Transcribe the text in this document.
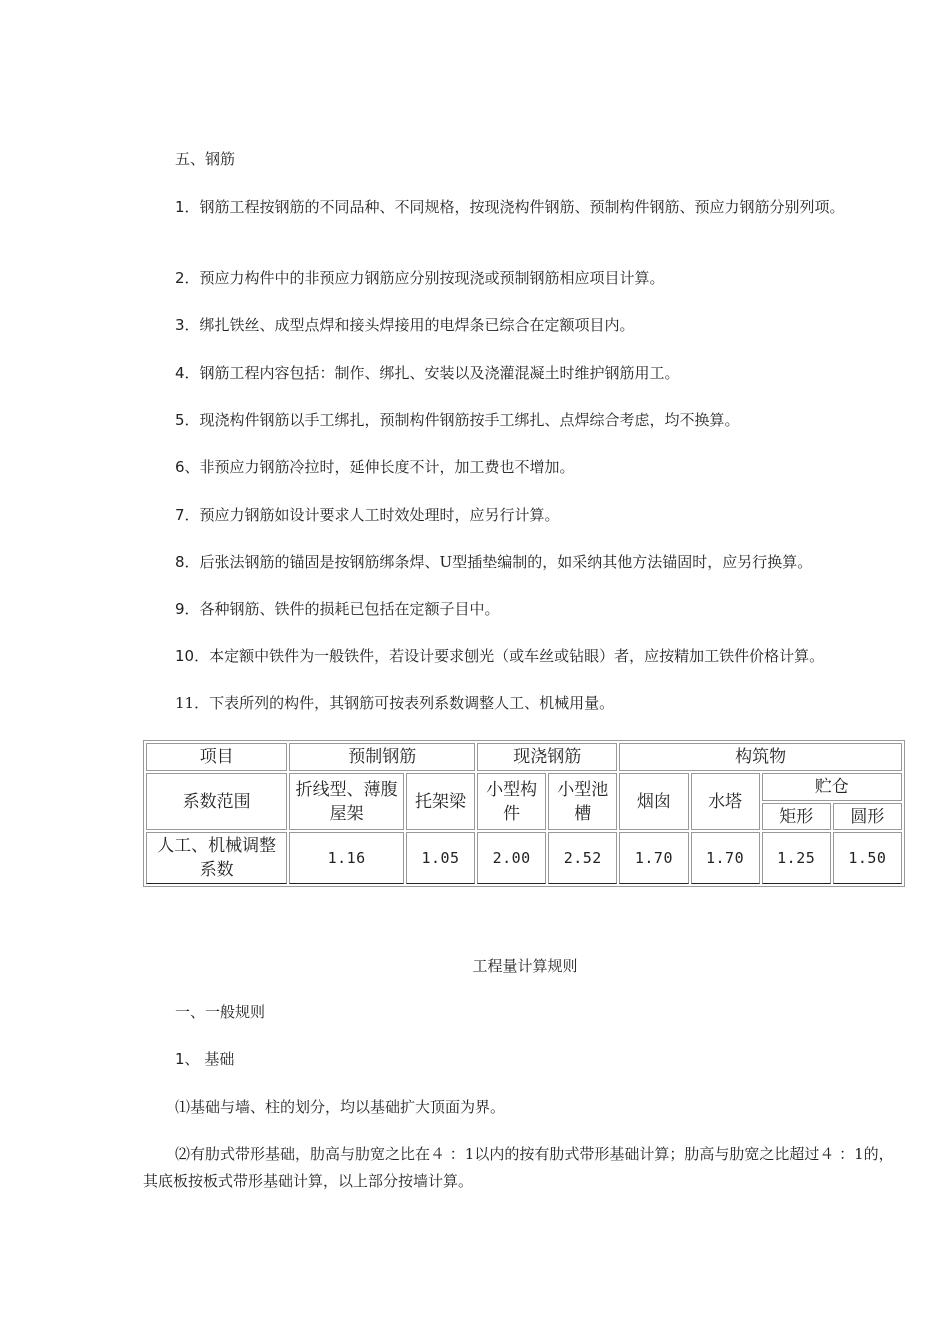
五、钢筋

1．钢筋工程按钢筋的不同品种、不同规格，按现浇构件钢筋、预制构件钢筋、预应力钢筋分别列项。

2．预应力构件中的非预应力钢筋应分别按现浇或预制钢筋相应项目计算。

3．绑扎铁丝、成型点焊和接头焊接用的电焊条已综合在定额项目内。

4．钢筋工程内容包括：制作、绑扎、安装以及浇灌混凝土时维护钢筋用工。

5．现浇构件钢筋以手工绑扎，预制构件钢筋按手工绑扎、点焊综合考虑，均不换算。

6、非预应力钢筋冷拉时，延伸长度不计，加工费也不增加。

7．预应力钢筋如设计要求人工时效处理时，应另行计算。

8．后张法钢筋的锚固是按钢筋绑条焊、U型插垫编制的，如采纳其他方法锚固时，应另行换算。

9．各种钢筋、铁件的损耗已包括在定额子目中。

10．本定额中铁件为一般铁件，若设计要求刨光（或车丝或钻眼）者，应按精加工铁件价格计算。

11．下表所列的构件，其钢筋可按表列系数调整人工、机械用量。

项目	预制钢筋		现浇钢筋		构筑物			
系数范围	折线型、薄腹屋架	托架梁	小型构件	小型池槽	烟囱	水塔	贮仓	
							矩形	圆形
人工、机械调整系数	1.16	1.05	2.00	2.52	1.70	1.70	1.25	1.50

工程量计算规则

一、一般规则

1、 基础

⑴基础与墙、柱的划分，均以基础扩大顶面为界。

⑵有肋式带形基础，肋高与肋宽之比在４ ：1以内的按有肋式带形基础计算；肋高与肋宽之比超过４ ：1的，其底板按板式带形基础计算，以上部分按墙计算。
